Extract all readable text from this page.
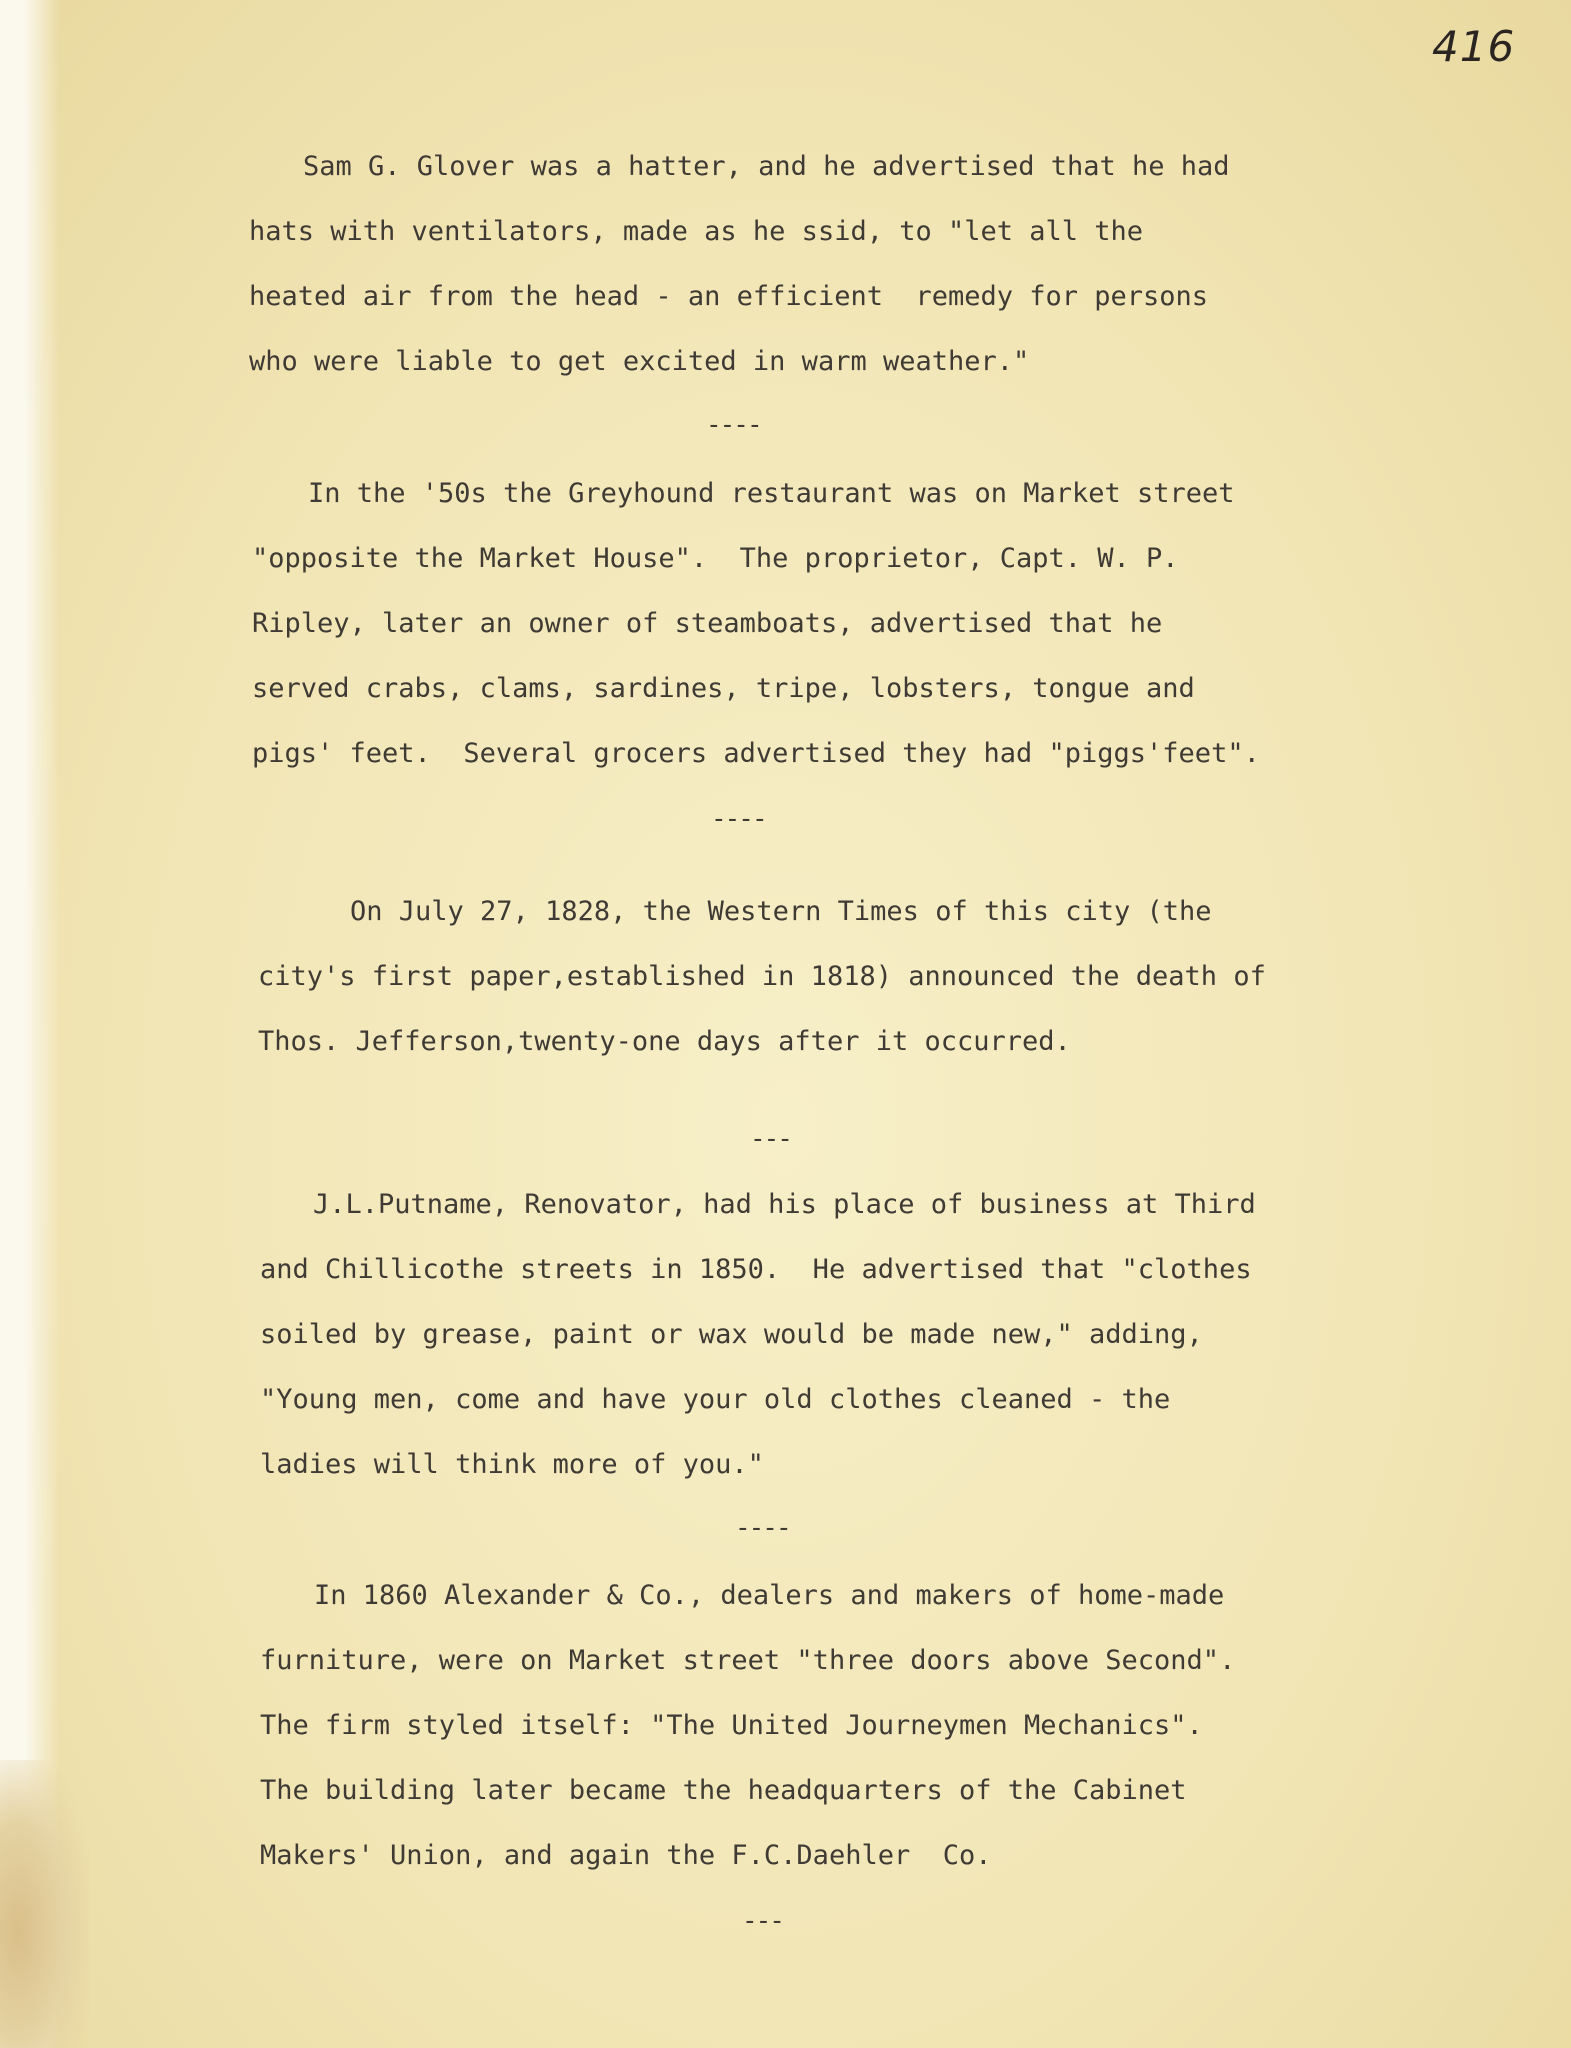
416
Sam G. Glover was a hatter, and he advertised that he had
hats with ventilators, made as he ssid, to "let all the
heated air from the head - an efficient  remedy for persons
who were liable to get excited in warm weather."
----
In the '50s the Greyhound restaurant was on Market street
"opposite the Market House".  The proprietor, Capt. W. P.
Ripley, later an owner of steamboats, advertised that he
served crabs, clams, sardines, tripe, lobsters, tongue and
pigs' feet.  Several grocers advertised they had "piggs'feet".
----
On July 27, 1828, the Western Times of this city (the
city's first paper,established in 1818) announced the death of
Thos. Jefferson,twenty-one days after it occurred.
---
J.L.Putname, Renovator, had his place of business at Third
and Chillicothe streets in 1850.  He advertised that "clothes
soiled by grease, paint or wax would be made new," adding,
"Young men, come and have your old clothes cleaned - the
ladies will think more of you."
----
In 1860 Alexander & Co., dealers and makers of home-made
furniture, were on Market street "three doors above Second".
The firm styled itself: "The United Journeymen Mechanics".
The building later became the headquarters of the Cabinet
Makers' Union, and again the F.C.Daehler  Co.
---
